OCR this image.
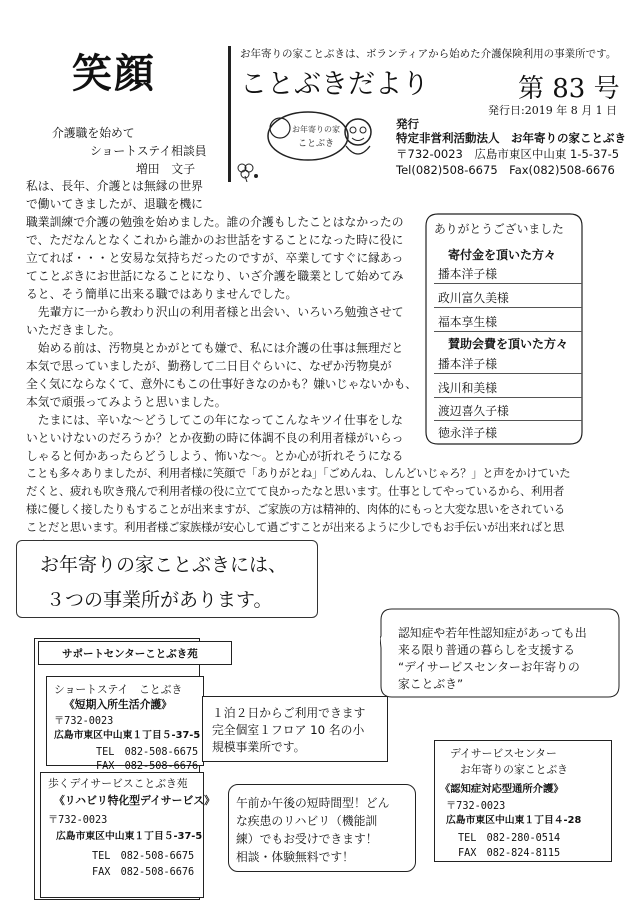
笑顔	お年寄りの家ことぶきは、ボランティアから始めた介護保険利用の事業所です。
ことぶきだより	第 83 号
発行日:2019 年 8 月 1 日
お年寄りの家
ことぶき
発行
特定非営利活動法人　お年寄りの家ことぶき
〒732-0023　広島市東区中山東 1-5-37-5
Tel(082)508-6675　Fax(082)508-6676
介護職を始めて
ショートステイ相談員
増田　文子
私は、長年、介護とは無縁の世界
で働いてきましたが、退職を機に
職業訓練で介護の勉強を始めました。誰の介護もしたことはなかったの
で、ただなんとなくこれから誰かのお世話をすることになった時に役に
立てれば・・・と安易な気持ちだったのですが、卒業してすぐに縁あっ
てことぶきにお世話になることになり、いざ介護を職業として始めてみ
ると、そう簡単に出来る職ではありませんでした。
　先輩方に一から教わり沢山の利用者様と出会い、いろいろ勉強させて
いただきました。
　始める前は、汚物臭とかがとても嫌で、私には介護の仕事は無理だと
本気で思っていましたが、勤務して二日目ぐらいに、なぜか汚物臭が
全く気にならなくて、意外にもこの仕事好きなのかも？嫌いじゃないかも、
本気で頑張ってみようと思いました。
　たまには、辛いな～どうしてこの年になってこんなキツイ仕事をしな
いといけないのだろうか？とか夜勤の時に体調不良の利用者様がいらっ
しゃると何かあったらどうしよう、怖いな～。とか心が折れそうになる
ことも多々ありましたが、利用者様に笑顔で「ありがとね」「ごめんね、しんどいじゃろ？」と声をかけていた
だくと、疲れも吹き飛んで利用者様の役に立てて良かったなと思います。仕事としてやっているから、利用者
様に優しく接したりもすることが出来ますが、ご家族の方は精神的、肉体的にもっと大変な思いをされている
ことだと思います。利用者様ご家族様が安心して過ごすことが出来るように少しでもお手伝いが出来ればと思
ありがとうございました
寄付金を頂いた方々
播本洋子様
政川富久美様
福本享生様
賛助会費を頂いた方々
播本洋子様
浅川和美様
渡辺喜久子様
徳永洋子様
お年寄りの家ことぶきには、
３つの事業所があります。
認知症や若年性認知症があっても出
来る限り普通の暮らしを支援する
“デイサービスセンターお年寄りの
家ことぶき”
サポートセンターことぶき苑
ショートステイ　ことぶき
《短期入所生活介護》
〒732-0023
広島市東区中山東１丁目５-37-5
TEL　082-508-6675
FAX　082-508-6676
歩くデイサービスことぶき苑
《リハビリ特化型デイサービス》
〒732-0023
広島市東区中山東１丁目５-37-5
TEL　082-508-6675
FAX　082-508-6676
１泊２日からご利用できます
完全個室１フロア 10 名の小
規模事業所です。
午前か午後の短時間型！どん
な疾患のリハビリ（機能訓
練）でもお受けできます！
相談・体験無料です！
デイサービスセンター
お年寄りの家ことぶき
《認知症対応型通所介護》
〒732-0023
広島市東区中山東１丁目４-28
TEL　082-280-0514
FAX　082-824-8115
